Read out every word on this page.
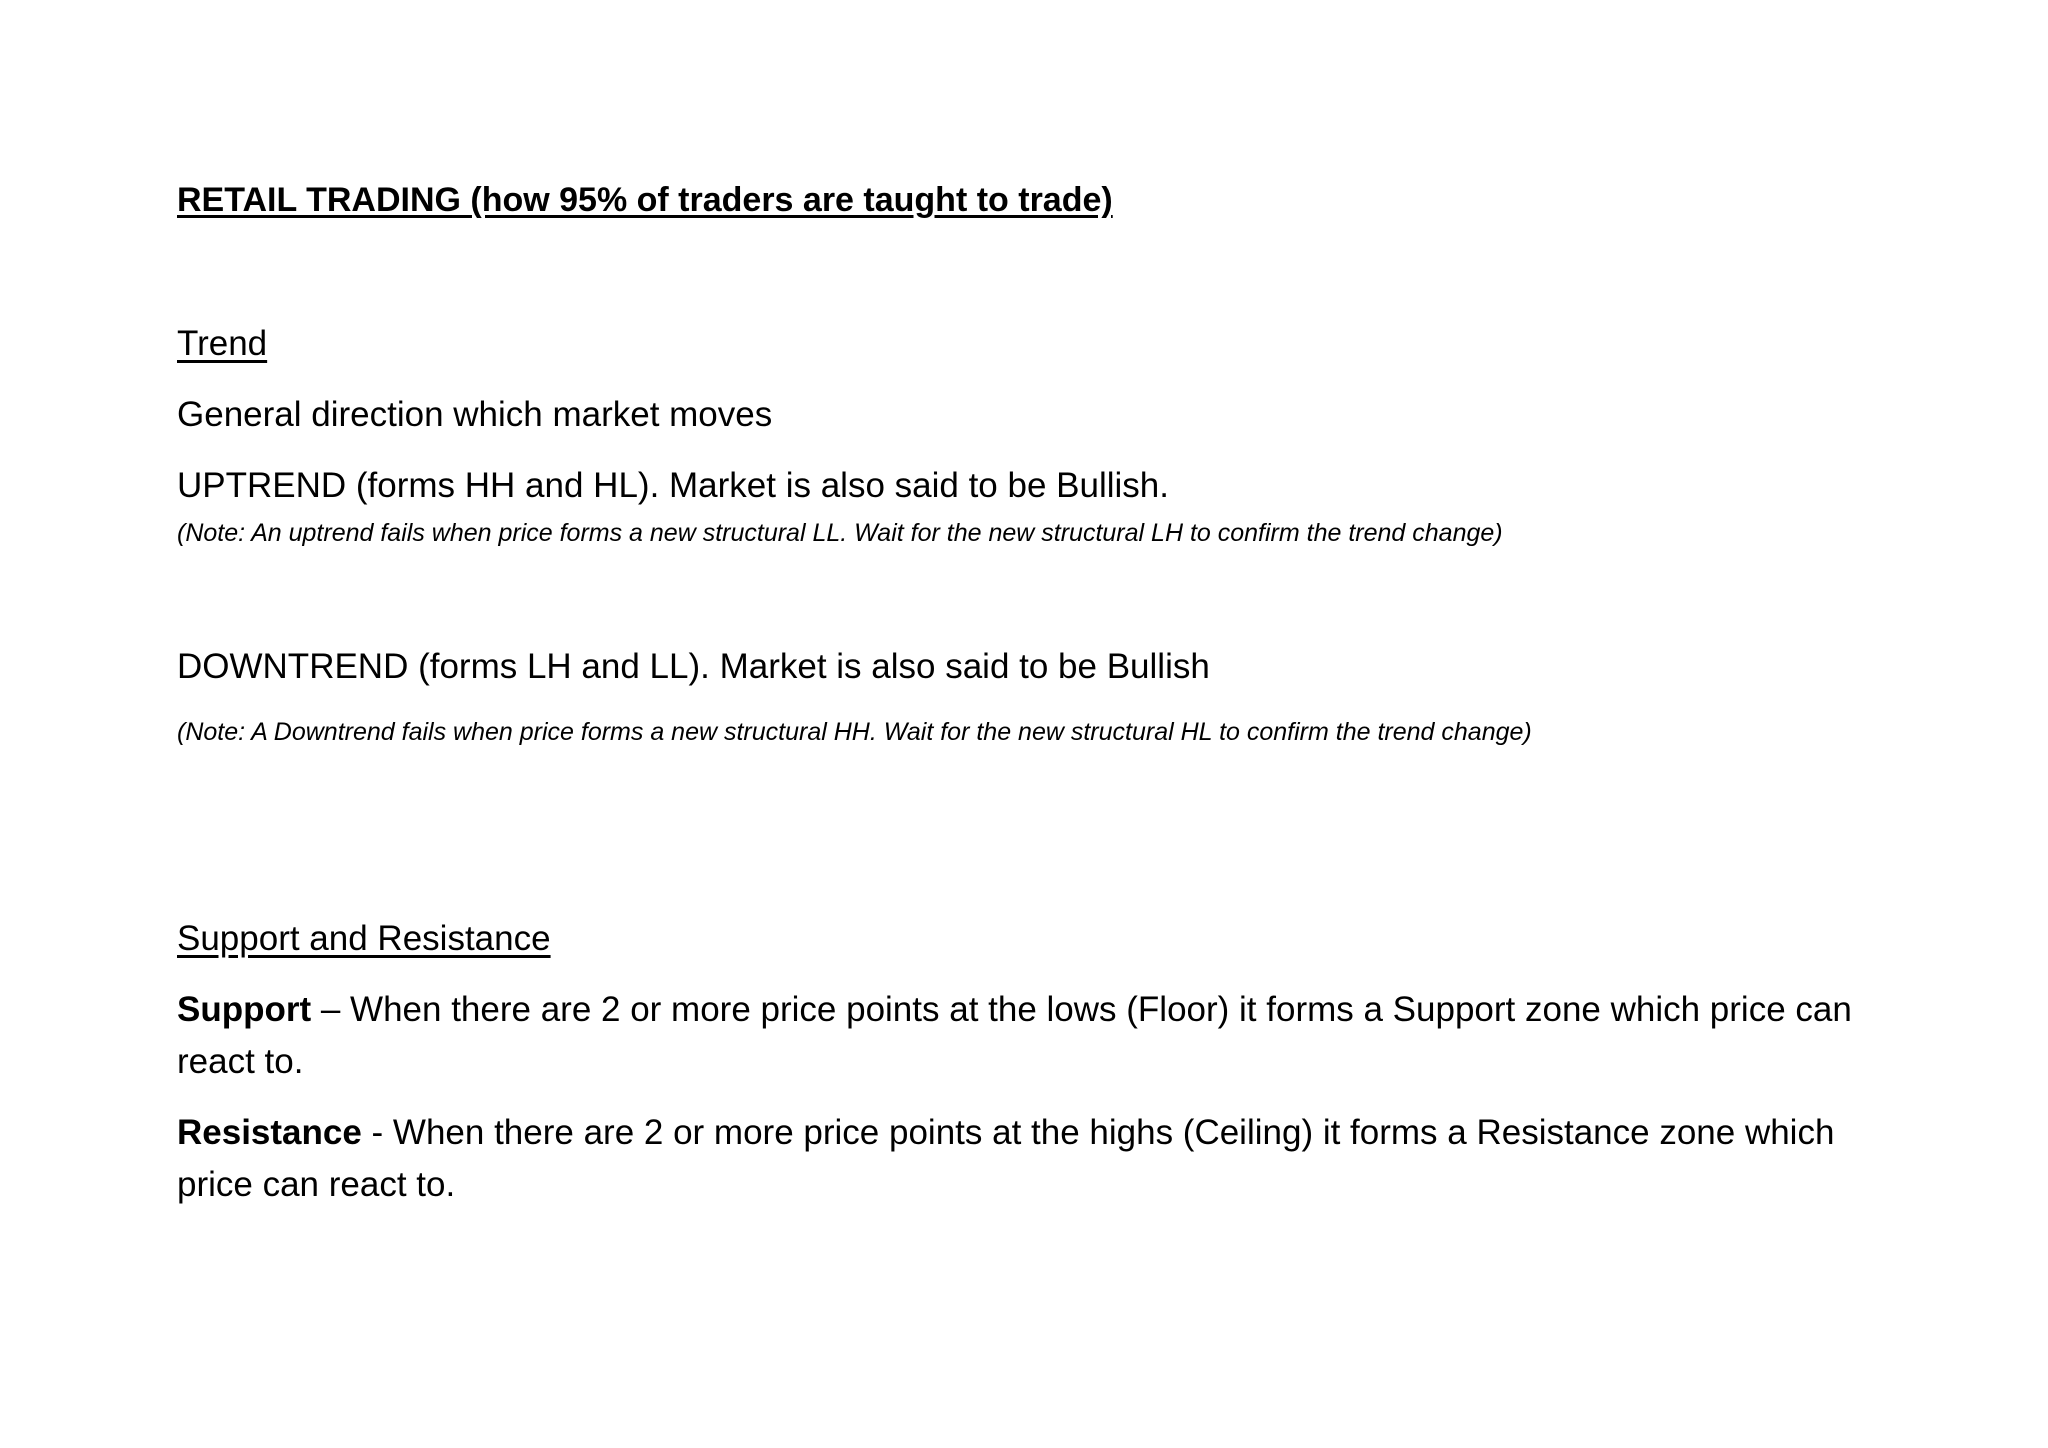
RETAIL TRADING (how 95% of traders are taught to trade)
Trend
General direction which market moves
UPTREND (forms HH and HL). Market is also said to be Bullish.
(Note: An uptrend fails when price forms a new structural LL. Wait for the new structural LH to confirm the trend change)
DOWNTREND (forms LH and LL). Market is also said to be Bullish
(Note: A Downtrend fails when price forms a new structural HH. Wait for the new structural HL to confirm the trend change)
Support and Resistance
Support – When there are 2 or more price points at the lows (Floor) it forms a Support zone which price can react to.
Resistance - When there are 2 or more price points at the highs (Ceiling) it forms a Resistance zone which price can react to.
